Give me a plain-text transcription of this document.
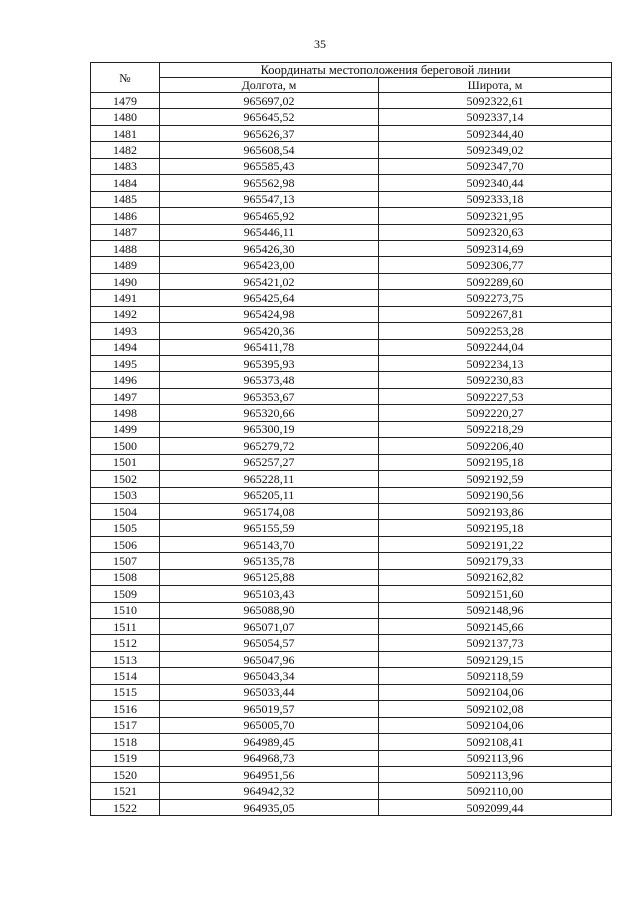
35
№	Координаты местоположения береговой линии	
	Долгота, м	Широта, м
1479	965697,02	5092322,61
1480	965645,52	5092337,14
1481	965626,37	5092344,40
1482	965608,54	5092349,02
1483	965585,43	5092347,70
1484	965562,98	5092340,44
1485	965547,13	5092333,18
1486	965465,92	5092321,95
1487	965446,11	5092320,63
1488	965426,30	5092314,69
1489	965423,00	5092306,77
1490	965421,02	5092289,60
1491	965425,64	5092273,75
1492	965424,98	5092267,81
1493	965420,36	5092253,28
1494	965411,78	5092244,04
1495	965395,93	5092234,13
1496	965373,48	5092230,83
1497	965353,67	5092227,53
1498	965320,66	5092220,27
1499	965300,19	5092218,29
1500	965279,72	5092206,40
1501	965257,27	5092195,18
1502	965228,11	5092192,59
1503	965205,11	5092190,56
1504	965174,08	5092193,86
1505	965155,59	5092195,18
1506	965143,70	5092191,22
1507	965135,78	5092179,33
1508	965125,88	5092162,82
1509	965103,43	5092151,60
1510	965088,90	5092148,96
1511	965071,07	5092145,66
1512	965054,57	5092137,73
1513	965047,96	5092129,15
1514	965043,34	5092118,59
1515	965033,44	5092104,06
1516	965019,57	5092102,08
1517	965005,70	5092104,06
1518	964989,45	5092108,41
1519	964968,73	5092113,96
1520	964951,56	5092113,96
1521	964942,32	5092110,00
1522	964935,05	5092099,44
